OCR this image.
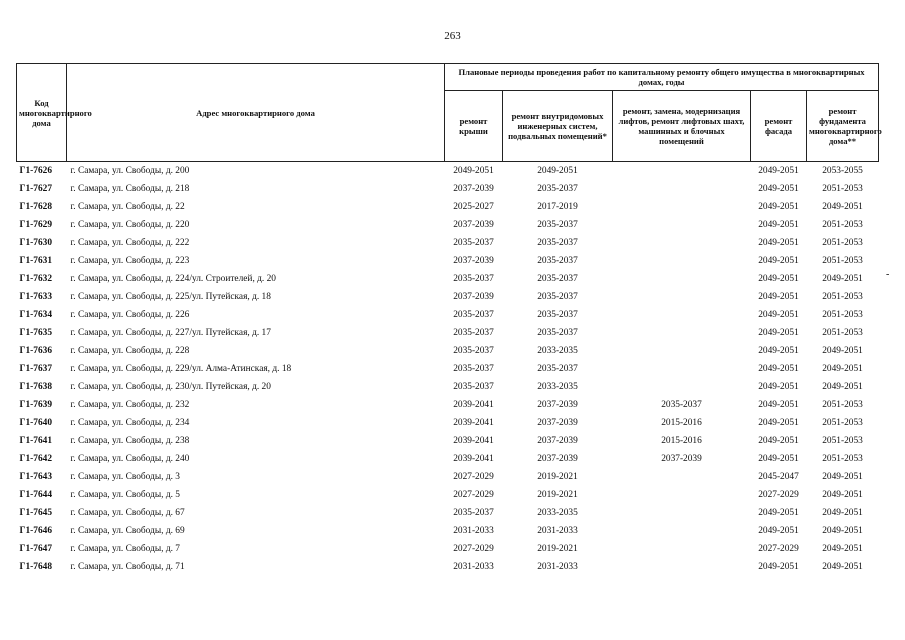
263
Код многоквартирного дома	Адрес многоквартирного дома	Плановые периоды проведения работ по капитальному ремонту общего имущества в многоквартирных домах, годы				
		ремонт крыши	ремонт внутридомовых инженерных систем, подвальных помещений*	ремонт, замена, модернизация лифтов, ремонт лифтовых шахт, машинных и блочных помещений	ремонт фасада	ремонт фундамента многоквартирного дома**
Г1-7626	г. Самара, ул. Свободы, д. 200	2049-2051	2049-2051		2049-2051	2053-2055
Г1-7627	г. Самара, ул. Свободы, д. 218	2037-2039	2035-2037		2049-2051	2051-2053
Г1-7628	г. Самара, ул. Свободы, д. 22	2025-2027	2017-2019		2049-2051	2049-2051
Г1-7629	г. Самара, ул. Свободы, д. 220	2037-2039	2035-2037		2049-2051	2051-2053
Г1-7630	г. Самара, ул. Свободы, д. 222	2035-2037	2035-2037		2049-2051	2051-2053
Г1-7631	г. Самара, ул. Свободы, д. 223	2037-2039	2035-2037		2049-2051	2051-2053
Г1-7632	г. Самара, ул. Свободы, д. 224/ул. Строителей, д. 20	2035-2037	2035-2037		2049-2051	2049-2051
Г1-7633	г. Самара, ул. Свободы, д. 225/ул. Путейская, д. 18	2037-2039	2035-2037		2049-2051	2051-2053
Г1-7634	г. Самара, ул. Свободы, д. 226	2035-2037	2035-2037		2049-2051	2051-2053
Г1-7635	г. Самара, ул. Свободы, д. 227/ул. Путейская, д. 17	2035-2037	2035-2037		2049-2051	2051-2053
Г1-7636	г. Самара, ул. Свободы, д. 228	2035-2037	2033-2035		2049-2051	2049-2051
Г1-7637	г. Самара, ул. Свободы, д. 229/ул. Алма-Атинская, д. 18	2035-2037	2035-2037		2049-2051	2049-2051
Г1-7638	г. Самара, ул. Свободы, д. 230/ул. Путейская, д. 20	2035-2037	2033-2035		2049-2051	2049-2051
Г1-7639	г. Самара, ул. Свободы, д. 232	2039-2041	2037-2039	2035-2037	2049-2051	2051-2053
Г1-7640	г. Самара, ул. Свободы, д. 234	2039-2041	2037-2039	2015-2016	2049-2051	2051-2053
Г1-7641	г. Самара, ул. Свободы, д. 238	2039-2041	2037-2039	2015-2016	2049-2051	2051-2053
Г1-7642	г. Самара, ул. Свободы, д. 240	2039-2041	2037-2039	2037-2039	2049-2051	2051-2053
Г1-7643	г. Самара, ул. Свободы, д. 3	2027-2029	2019-2021		2045-2047	2049-2051
Г1-7644	г. Самара, ул. Свободы, д. 5	2027-2029	2019-2021		2027-2029	2049-2051
Г1-7645	г. Самара, ул. Свободы, д. 67	2035-2037	2033-2035		2049-2051	2049-2051
Г1-7646	г. Самара, ул. Свободы, д. 69	2031-2033	2031-2033		2049-2051	2049-2051
Г1-7647	г. Самара, ул. Свободы, д. 7	2027-2029	2019-2021		2027-2029	2049-2051
Г1-7648	г. Самара, ул. Свободы, д. 71	2031-2033	2031-2033		2049-2051	2049-2051
-
